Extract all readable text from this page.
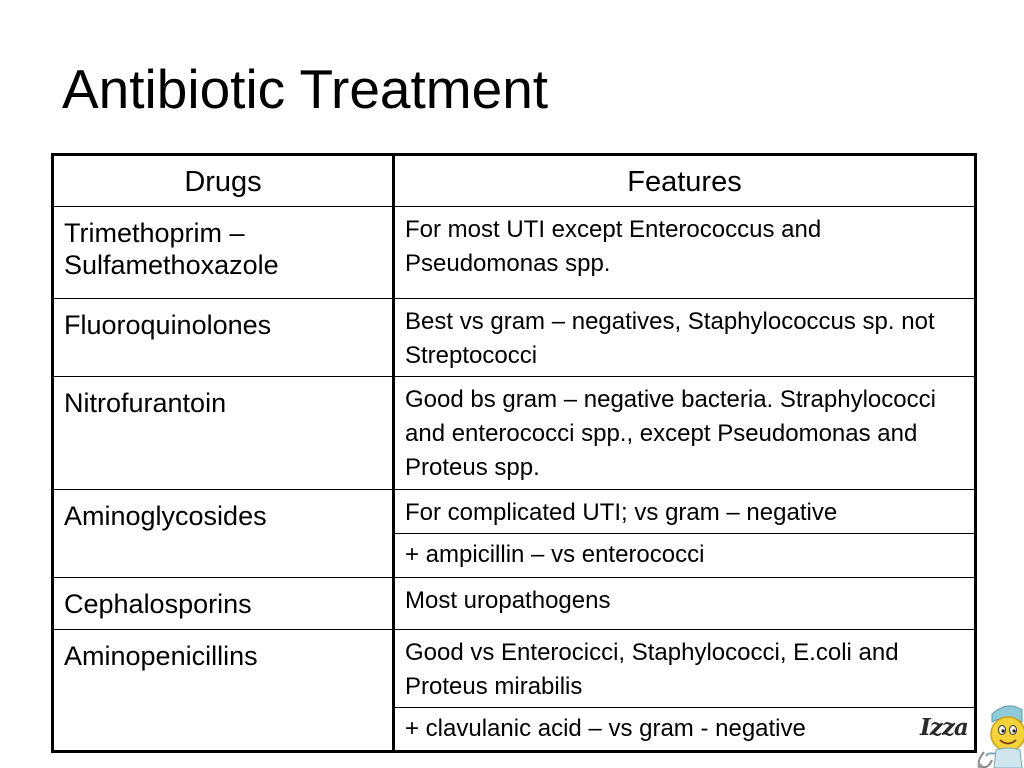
Antibiotic Treatment
Drugs	Features
Trimethoprim – Sulfamethoxazole	For most UTI except Enterococcus and Pseudomonas spp.
Fluoroquinolones	Best vs gram – negatives, Staphylococcus sp. not Streptococci
Nitrofurantoin	Good bs gram – negative bacteria. Straphylococci and enterococci spp., except Pseudomonas and Proteus spp.
Aminoglycosides	For complicated UTI; vs gram – negative
	+ ampicillin – vs enterococci
Cephalosporins	Most uropathogens
Aminopenicillins	Good vs Enterocicci, Staphylococci, E.coli and Proteus mirabilis
	+ clavulanic acid – vs gram - negative	Izza
